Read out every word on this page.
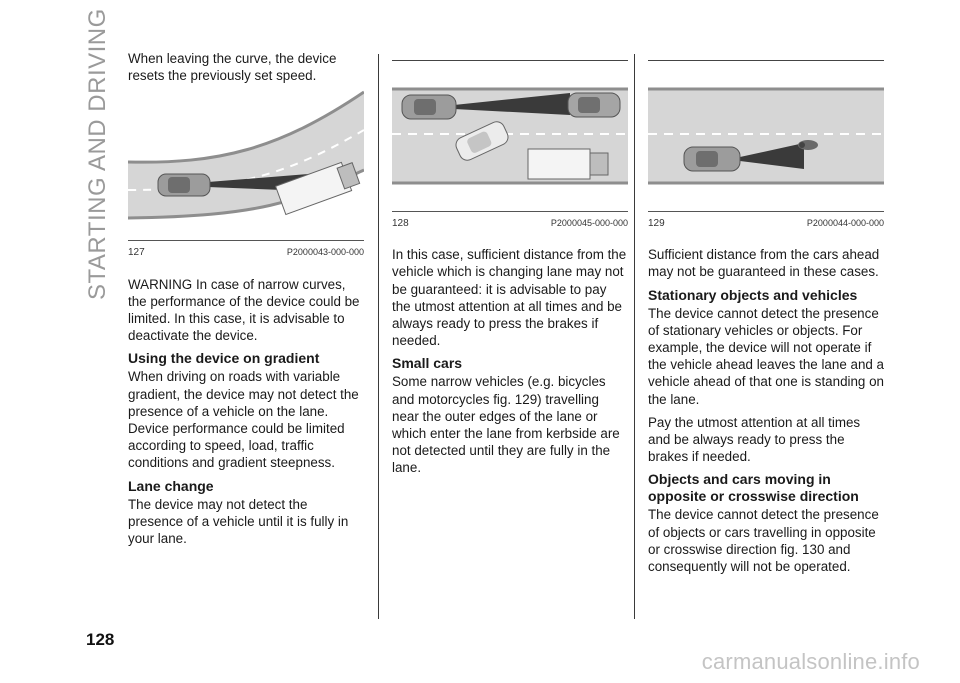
STARTING AND DRIVING When leaving the curve, the device resets the previously set speed.

127	P2000043-000-000

WARNING In case of narrow curves, the performance of the device could be limited. In this case, it is advisable to deactivate the device.

Using the device on gradient

When driving on roads with variable gradient, the device may not detect the presence of a vehicle on the lane. Device performance could be limited according to speed, load, traffic conditions and gradient steepness.

Lane change

The device may not detect the presence of a vehicle until it is fully in your lane.

128	P2000045-000-000

In this case, sufficient distance from the vehicle which is changing lane may not be guaranteed: it is advisable to pay the utmost attention at all times and be always ready to press the brakes if needed.

Small cars

Some narrow vehicles (e.g. bicycles and motorcycles fig. 129) travelling near the outer edges of the lane or which enter the lane from kerbside are not detected until they are fully in the lane.

129	P2000044-000-000

Sufficient distance from the cars ahead may not be guaranteed in these cases.

Stationary objects and vehicles

The device cannot detect the presence of stationary vehicles or objects. For example, the device will not operate if the vehicle ahead leaves the lane and a vehicle ahead of that one is standing on the lane.

Pay the utmost attention at all times and be always ready to press the brakes if needed.

Objects and cars moving in opposite or crosswise direction

The device cannot detect the presence of objects or cars travelling in opposite or crosswise direction fig. 130 and consequently will not be operated.

128
carmanualsonline.info
